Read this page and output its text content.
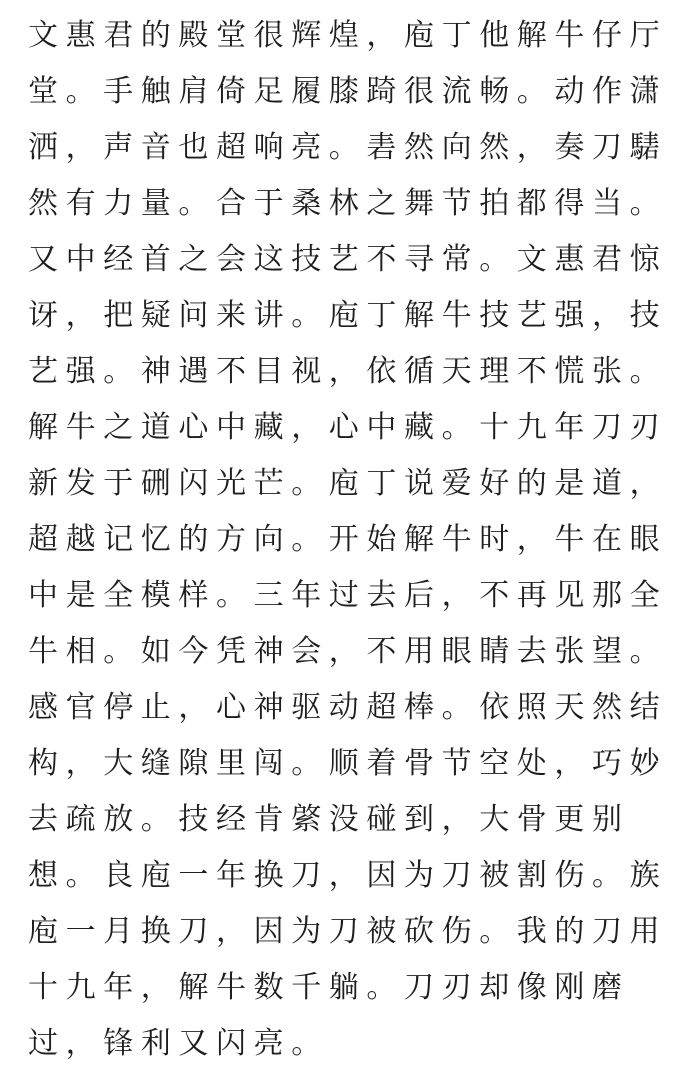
文惠君的殿堂很辉煌，庖丁他解牛仔厅
堂。手触肩倚足履膝踦很流畅。动作潇
洒，声音也超响亮。砉然向然，奏刀騞
然有力量。合于桑林之舞节拍都得当。
又中经首之会这技艺不寻常。文惠君惊
讶，把疑问来讲。庖丁解牛技艺强，技
艺强。神遇不目视，依循天理不慌张。
解牛之道心中藏，心中藏。十九年刀刃
新发于硎闪光芒。庖丁说爱好的是道，
超越记忆的方向。开始解牛时，牛在眼
中是全模样。三年过去后，不再见那全
牛相。如今凭神会，不用眼睛去张望。
感官停止，心神驱动超棒。依照天然结
构，大缝隙里闯。顺着骨节空处，巧妙
去疏放。技经肯綮没碰到，大骨更别
想。良庖一年换刀，因为刀被割伤。族
庖一月换刀，因为刀被砍伤。我的刀用
十九年，解牛数千躺。刀刃却像刚磨
过，锋利又闪亮。
